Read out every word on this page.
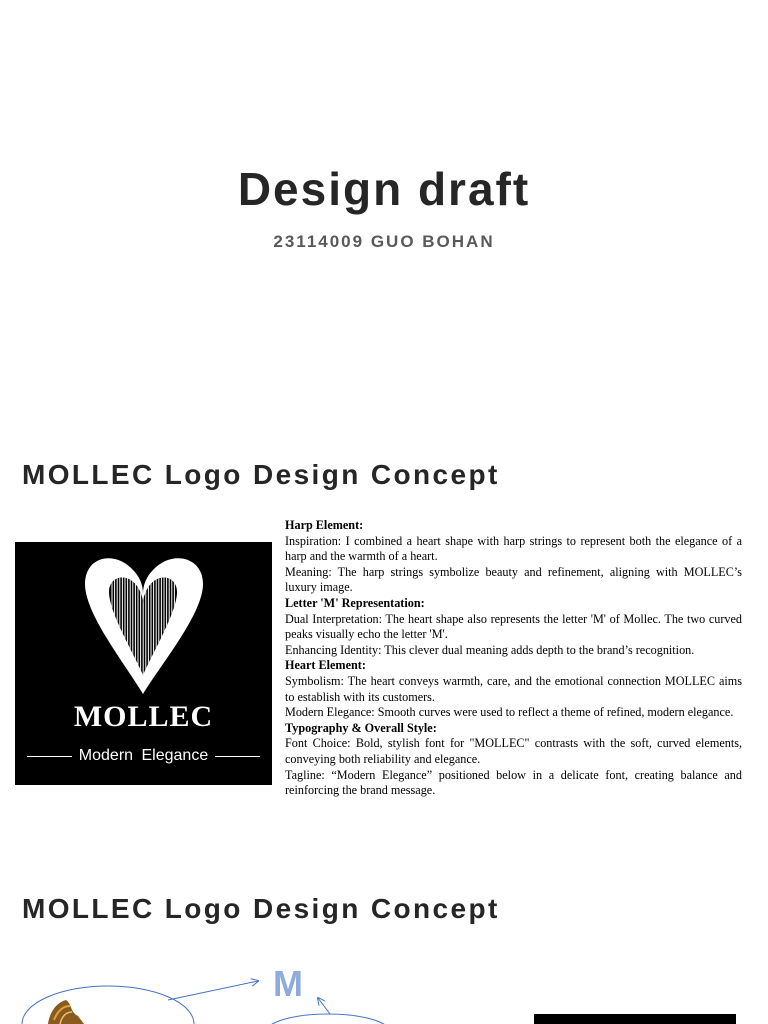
Design draft
23114009 GUO BOHAN
MOLLEC Logo Design Concept
MOLLEC
Modern Elegance

Harp Element:

Inspiration: I combined a heart shape with harp strings to represent both the elegance of a harp and the warmth of a heart.

Meaning: The harp strings symbolize beauty and refinement, aligning with MOLLEC’s luxury image.

Letter 'M' Representation:

Dual Interpretation: The heart shape also represents the letter 'M' of Mollec. The two curved peaks visually echo the letter 'M'.

Enhancing Identity: This clever dual meaning adds depth to the brand’s recognition.

Heart Element:

Symbolism: The heart conveys warmth, care, and the emotional connection MOLLEC aims to establish with its customers.

Modern Elegance: Smooth curves were used to reflect a theme of refined, modern elegance.

Typography & Overall Style:

Font Choice: Bold, stylish font for "MOLLEC" contrasts with the soft, curved elements, conveying both reliability and elegance.

Tagline: “Modern Elegance” positioned below in a delicate font, creating balance and reinforcing the brand message.

MOLLEC Logo Design Concept
M
